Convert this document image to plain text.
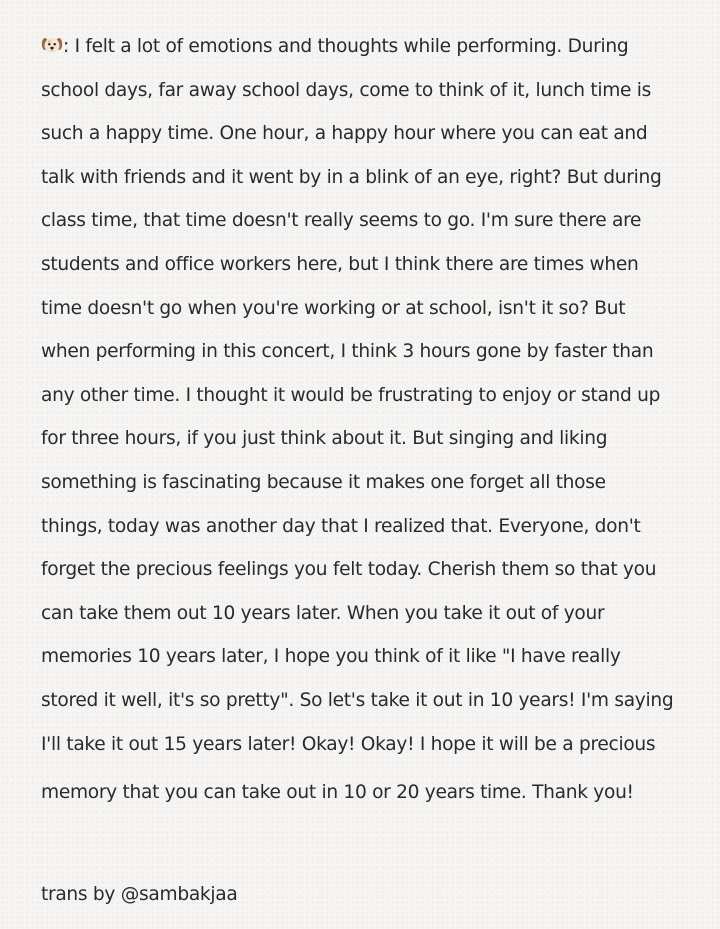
: I felt a lot of emotions and thoughts while performing. During
school days, far away school days, come to think of it, lunch time is
such a happy time. One hour, a happy hour where you can eat and
talk with friends and it went by in a blink of an eye, right? But during
class time, that time doesn't really seems to go. I'm sure there are
students and office workers here, but I think there are times when
time doesn't go when you're working or at school, isn't it so? But
when performing in this concert, I think 3 hours gone by faster than
any other time. I thought it would be frustrating to enjoy or stand up
for three hours, if you just think about it. But singing and liking
something is fascinating because it makes one forget all those
things, today was another day that I realized that. Everyone, don't
forget the precious feelings you felt today. Cherish them so that you
can take them out 10 years later. When you take it out of your
memories 10 years later, I hope you think of it like "I have really
stored it well, it's so pretty". So let's take it out in 10 years! I'm saying
I'll take it out 15 years later! Okay! Okay! I hope it will be a precious
memory that you can take out in 10 or 20 years time. Thank you!
trans by @sambakjaa
